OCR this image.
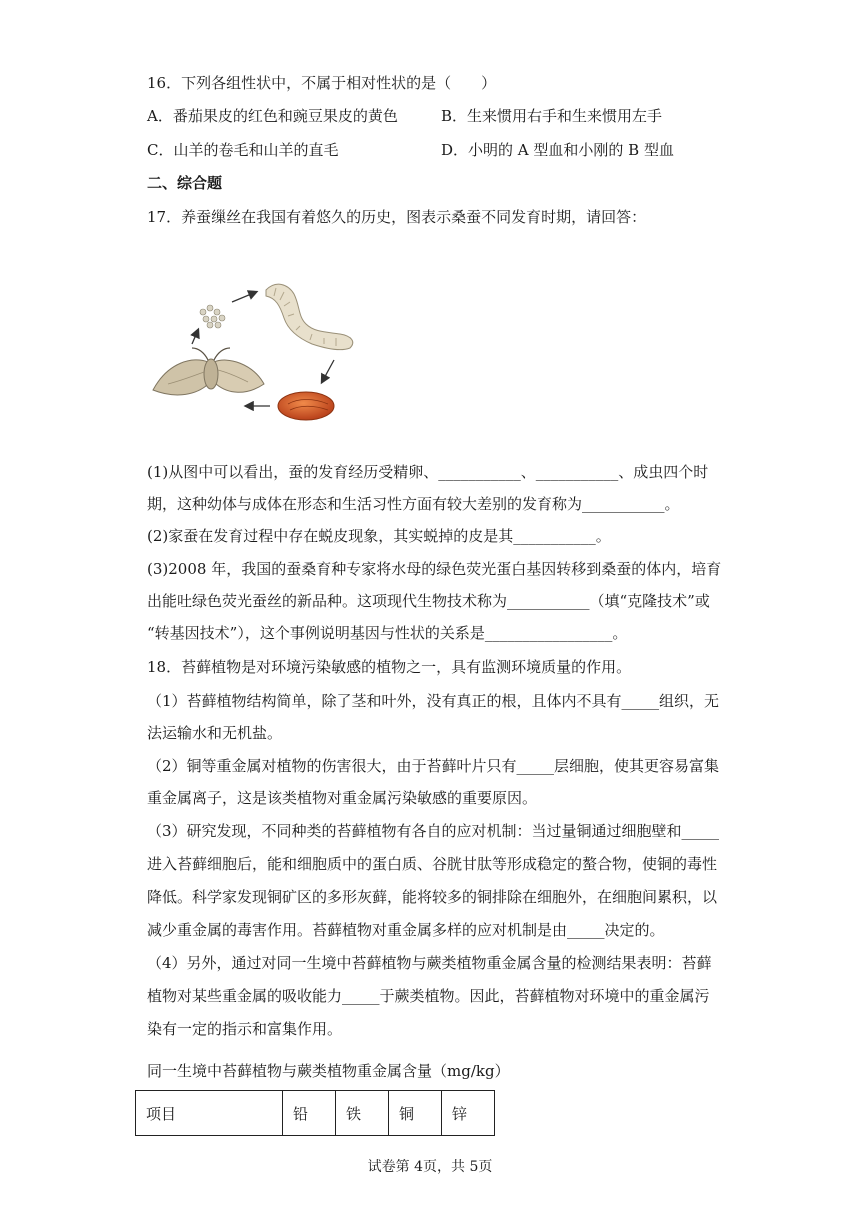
16．下列各组性状中，不属于相对性状的是（　　）
A．番茄果皮的红色和豌豆果皮的黄色	B．生来惯用右手和生来惯用左手
C．山羊的卷毛和山羊的直毛	D．小明的 A 型血和小刚的 B 型血
二、综合题
17．养蚕缫丝在我国有着悠久的历史，图表示桑蚕不同发育时期，请回答：
(1)从图中可以看出，蚕的发育经历受精卵、___________、___________、成虫四个时
期，这种幼体与成体在形态和生活习性方面有较大差别的发育称为___________。
(2)家蚕在发育过程中存在蜕皮现象，其实蜕掉的皮是其___________。
(3)2008 年，我国的蚕桑育种专家将水母的绿色荧光蛋白基因转移到桑蚕的体内，培育
出能吐绿色荧光蚕丝的新品种。这项现代生物技术称为___________（填“克隆技术”或
“转基因技术”），这个事例说明基因与性状的关系是_________________。
18．苔藓植物是对环境污染敏感的植物之一，具有监测环境质量的作用。
（1）苔藓植物结构简单，除了茎和叶外，没有真正的根，且体内不具有_____组织，无
法运输水和无机盐。
（2）铜等重金属对植物的伤害很大，由于苔藓叶片只有_____层细胞，使其更容易富集
重金属离子，这是该类植物对重金属污染敏感的重要原因。
（3）研究发现，不同种类的苔藓植物有各自的应对机制：当过量铜通过细胞壁和_____
进入苔藓细胞后，能和细胞质中的蛋白质、谷胱甘肽等形成稳定的螯合物，使铜的毒性
降低。科学家发现铜矿区的多形灰藓，能将较多的铜排除在细胞外，在细胞间累积，以
减少重金属的毒害作用。苔藓植物对重金属多样的应对机制是由_____决定的。
（4）另外，通过对同一生境中苔藓植物与蕨类植物重金属含量的检测结果表明：苔藓
植物对某些重金属的吸收能力_____于蕨类植物。因此，苔藓植物对环境中的重金属污
染有一定的指示和富集作用。
同一生境中苔藓植物与蕨类植物重金属含量（mg/kg）
项目	铅	铁	铜	锌
试卷第 4页，共 5页
